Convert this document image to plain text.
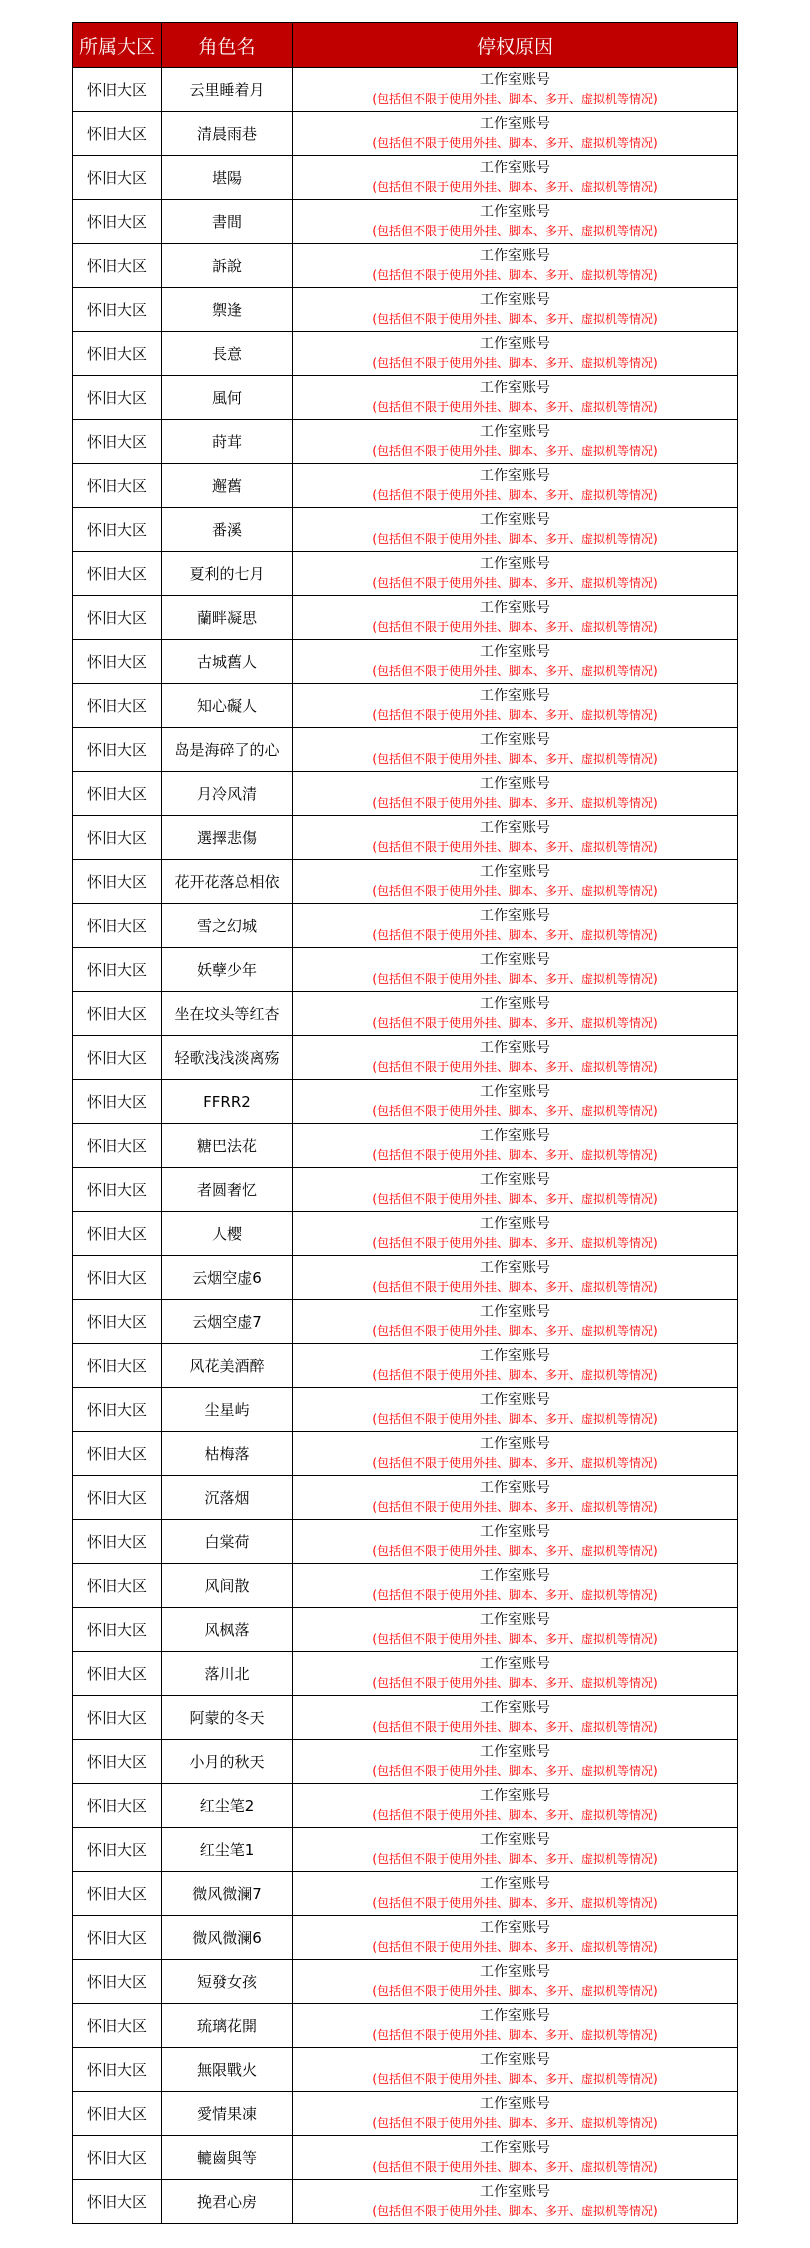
所属大区	角色名	停权原因
怀旧大区	云里睡着月	工作室账号
(包括但不限于使用外挂、脚本、多开、虚拟机等情况)

怀旧大区	清晨雨巷	工作室账号
(包括但不限于使用外挂、脚本、多开、虚拟机等情况)

怀旧大区	堪陽	工作室账号
(包括但不限于使用外挂、脚本、多开、虚拟机等情况)

怀旧大区	書間	工作室账号
(包括但不限于使用外挂、脚本、多开、虚拟机等情况)

怀旧大区	訴說	工作室账号
(包括但不限于使用外挂、脚本、多开、虚拟机等情况)

怀旧大区	禦逢	工作室账号
(包括但不限于使用外挂、脚本、多开、虚拟机等情况)

怀旧大区	長意	工作室账号
(包括但不限于使用外挂、脚本、多开、虚拟机等情况)

怀旧大区	風何	工作室账号
(包括但不限于使用外挂、脚本、多开、虚拟机等情况)

怀旧大区	莳茸	工作室账号
(包括但不限于使用外挂、脚本、多开、虚拟机等情况)

怀旧大区	邂舊	工作室账号
(包括但不限于使用外挂、脚本、多开、虚拟机等情况)

怀旧大区	番溪	工作室账号
(包括但不限于使用外挂、脚本、多开、虚拟机等情况)

怀旧大区	夏利的七月	工作室账号
(包括但不限于使用外挂、脚本、多开、虚拟机等情况)

怀旧大区	蘭畔凝思	工作室账号
(包括但不限于使用外挂、脚本、多开、虚拟机等情况)

怀旧大区	古城舊人	工作室账号
(包括但不限于使用外挂、脚本、多开、虚拟机等情况)

怀旧大区	知心礙人	工作室账号
(包括但不限于使用外挂、脚本、多开、虚拟机等情况)

怀旧大区	岛是海碎了的心	工作室账号
(包括但不限于使用外挂、脚本、多开、虚拟机等情况)

怀旧大区	月冷风清	工作室账号
(包括但不限于使用外挂、脚本、多开、虚拟机等情况)

怀旧大区	選擇悲傷	工作室账号
(包括但不限于使用外挂、脚本、多开、虚拟机等情况)

怀旧大区	花开花落总相依	工作室账号
(包括但不限于使用外挂、脚本、多开、虚拟机等情况)

怀旧大区	雪之幻城	工作室账号
(包括但不限于使用外挂、脚本、多开、虚拟机等情况)

怀旧大区	妖孽少年	工作室账号
(包括但不限于使用外挂、脚本、多开、虚拟机等情况)

怀旧大区	坐在坟头等红杏	工作室账号
(包括但不限于使用外挂、脚本、多开、虚拟机等情况)

怀旧大区	轻歌浅浅淡离殇	工作室账号
(包括但不限于使用外挂、脚本、多开、虚拟机等情况)

怀旧大区	FFRR2	工作室账号
(包括但不限于使用外挂、脚本、多开、虚拟机等情况)

怀旧大区	糖巴法花	工作室账号
(包括但不限于使用外挂、脚本、多开、虚拟机等情况)

怀旧大区	者圆奢忆	工作室账号
(包括但不限于使用外挂、脚本、多开、虚拟机等情况)

怀旧大区	人樱	工作室账号
(包括但不限于使用外挂、脚本、多开、虚拟机等情况)

怀旧大区	云烟空虚6	工作室账号
(包括但不限于使用外挂、脚本、多开、虚拟机等情况)

怀旧大区	云烟空虚7	工作室账号
(包括但不限于使用外挂、脚本、多开、虚拟机等情况)

怀旧大区	风花美酒醉	工作室账号
(包括但不限于使用外挂、脚本、多开、虚拟机等情况)

怀旧大区	尘星屿	工作室账号
(包括但不限于使用外挂、脚本、多开、虚拟机等情况)

怀旧大区	枯梅落	工作室账号
(包括但不限于使用外挂、脚本、多开、虚拟机等情况)

怀旧大区	沉落烟	工作室账号
(包括但不限于使用外挂、脚本、多开、虚拟机等情况)

怀旧大区	白棠荷	工作室账号
(包括但不限于使用外挂、脚本、多开、虚拟机等情况)

怀旧大区	风间散	工作室账号
(包括但不限于使用外挂、脚本、多开、虚拟机等情况)

怀旧大区	风枫落	工作室账号
(包括但不限于使用外挂、脚本、多开、虚拟机等情况)

怀旧大区	落川北	工作室账号
(包括但不限于使用外挂、脚本、多开、虚拟机等情况)

怀旧大区	阿蒙的冬天	工作室账号
(包括但不限于使用外挂、脚本、多开、虚拟机等情况)

怀旧大区	小月的秋天	工作室账号
(包括但不限于使用外挂、脚本、多开、虚拟机等情况)

怀旧大区	红尘笔2	工作室账号
(包括但不限于使用外挂、脚本、多开、虚拟机等情况)

怀旧大区	红尘笔1	工作室账号
(包括但不限于使用外挂、脚本、多开、虚拟机等情况)

怀旧大区	微风微澜7	工作室账号
(包括但不限于使用外挂、脚本、多开、虚拟机等情况)

怀旧大区	微风微澜6	工作室账号
(包括但不限于使用外挂、脚本、多开、虚拟机等情况)

怀旧大区	短發女孩	工作室账号
(包括但不限于使用外挂、脚本、多开、虚拟机等情况)

怀旧大区	琉璃花開	工作室账号
(包括但不限于使用外挂、脚本、多开、虚拟机等情况)

怀旧大区	無限戰火	工作室账号
(包括但不限于使用外挂、脚本、多开、虚拟机等情况)

怀旧大区	愛情果凍	工作室账号
(包括但不限于使用外挂、脚本、多开、虚拟机等情况)

怀旧大区	轆齒與等	工作室账号
(包括但不限于使用外挂、脚本、多开、虚拟机等情况)

怀旧大区	挽君心房	工作室账号
(包括但不限于使用外挂、脚本、多开、虚拟机等情况)
